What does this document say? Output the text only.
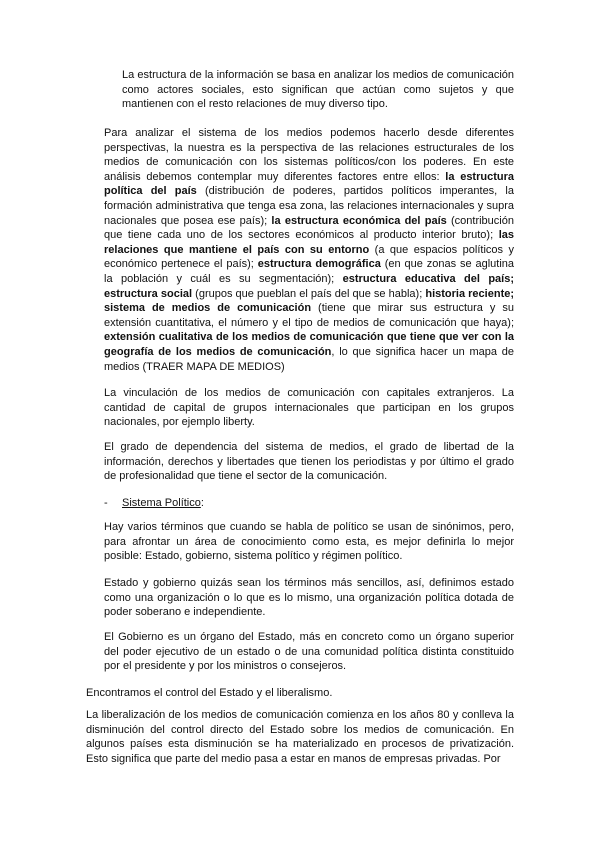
La estructura de la información se basa en analizar los medios de comunicación como actores sociales, esto significan que actúan como sujetos y que mantienen con el resto relaciones de muy diverso tipo.

Para analizar el sistema de los medios podemos hacerlo desde diferentes perspectivas, la nuestra es la perspectiva de las relaciones estructurales de los medios de comunicación con los sistemas políticos/con los poderes. En este análisis debemos contemplar muy diferentes factores entre ellos: la estructura política del país (distribución de poderes, partidos políticos imperantes, la formación administrativa que tenga esa zona, las relaciones internacionales y supra nacionales que posea ese país); la estructura económica del país (contribución que tiene cada uno de los sectores económicos al producto interior bruto); las relaciones que mantiene el país con su entorno (a que espacios políticos y económico pertenece el país); estructura demográfica (en que zonas se aglutina la población y cuál es su segmentación); estructura educativa del país; estructura social (grupos que pueblan el país del que se habla); historia reciente; sistema de medios de comunicación (tiene que mirar sus estructura y su extensión cuantitativa, el número y el tipo de medios de comunicación que haya); extensión cualitativa de los medios de comunicación que tiene que ver con la geografía de los medios de comunicación, lo que significa hacer un mapa de medios (TRAER MAPA DE MEDIOS)

La vinculación de los medios de comunicación con capitales extranjeros. La cantidad de capital de grupos internacionales que participan en los grupos nacionales, por ejemplo liberty.

El grado de dependencia del sistema de medios, el grado de libertad de la información, derechos y libertades que tienen los periodistas y por último el grado de profesionalidad que tiene el sector de la comunicación.

- Sistema Político:

Hay varios términos que cuando se habla de político se usan de sinónimos, pero, para afrontar un área de conocimiento como esta, es mejor definirla lo mejor posible: Estado, gobierno, sistema político y régimen político.

Estado y gobierno quizás sean los términos más sencillos, así, definimos estado como una organización o lo que es lo mismo, una organización política dotada de poder soberano e independiente.

El Gobierno es un órgano del Estado, más en concreto como un órgano superior del poder ejecutivo de un estado o de una comunidad política distinta constituido por el presidente y por los ministros o consejeros.

Encontramos el control del Estado y el liberalismo.

La liberalización de los medios de comunicación comienza en los años 80 y conlleva la disminución del control directo del Estado sobre los medios de comunicación. En algunos países esta disminución se ha materializado en procesos de privatización. Esto significa que parte del medio pasa a estar en manos de empresas privadas. Por
